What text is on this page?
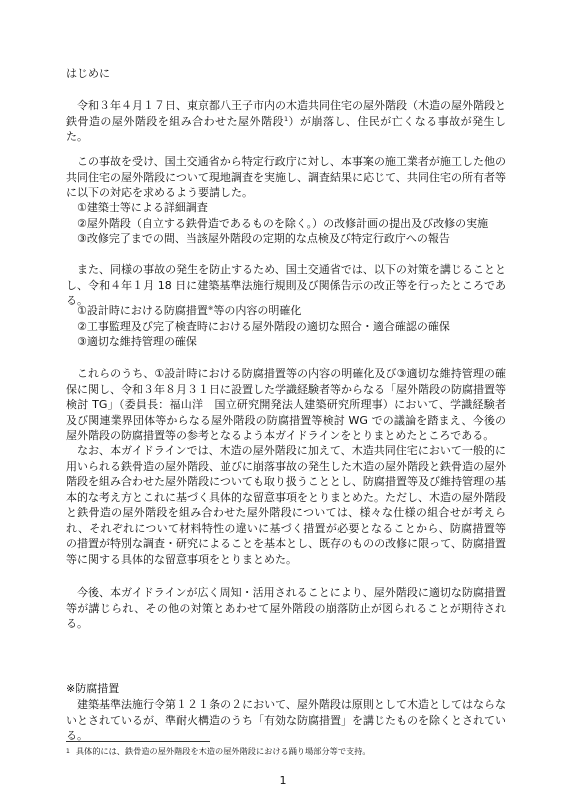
はじめに

令和３年４月１７日、東京都八王子市内の木造共同住宅の屋外階段（木造の屋外階段と鉄骨造の屋外階段を組み合わせた屋外階段$^1$）が崩落し、住民が亡くなる事故が発生した。

この事故を受け、国土交通省から特定行政庁に対し、本事案の施工業者が施工した他の共同住宅の屋外階段について現地調査を実施し、調査結果に応じて、共同住宅の所有者等に以下の対応を求めるよう要請した。

①建築士等による詳細調査
②屋外階段（自立する鉄骨造であるものを除く。）の改修計画の提出及び改修の実施
③改修完了までの間、当該屋外階段の定期的な点検及び特定行政庁への報告

また、同様の事故の発生を防止するため、国土交通省では、以下の対策を講じることとし、令和４年１月 18 日に建築基準法施行規則及び関係告示の改正等を行ったところである。

①設計時における防腐措置※等の内容の明確化
②工事監理及び完了検査時における屋外階段の適切な照合・適合確認の確保
③適切な維持管理の確保

これらのうち、①設計時における防腐措置等の内容の明確化及び③適切な維持管理の確保に関し、令和３年８月３１日に設置した学識経験者等からなる「屋外階段の防腐措置等検討 TG」（委員長：福山洋　国立研究開発法人建築研究所理事）において、学識経験者及び関連業界団体等からなる屋外階段の防腐措置等検討 WG での議論を踏まえ、今後の屋外階段の防腐措置等の参考となるよう本ガイドラインをとりまとめたところである。

なお、本ガイドラインでは、木造の屋外階段に加えて、木造共同住宅において一般的に用いられる鉄骨造の屋外階段、並びに崩落事故の発生した木造の屋外階段と鉄骨造の屋外階段を組み合わせた屋外階段についても取り扱うこととし、防腐措置等及び維持管理の基本的な考え方とこれに基づく具体的な留意事項をとりまとめた。ただし、木造の屋外階段と鉄骨造の屋外階段を組み合わせた屋外階段については、様々な仕様の組合せが考えられ、それぞれについて材料特性の違いに基づく措置が必要となることから、防腐措置等の措置が特別な調査・研究によることを基本とし、既存のものの改修に限って、防腐措置等に関する具体的な留意事項をとりまとめた。

今後、本ガイドラインが広く周知・活用されることにより、屋外階段に適切な防腐措置等が講じられ、その他の対策とあわせて屋外階段の崩落防止が図られることが期待される。

※防腐措置

建築基準法施行令第１２１条の２において、屋外階段は原則として木造としてはならないとされているが、準耐火構造のうち「有効な防腐措置」を講じたものを除くとされている。

$^1$ 具体的には、鉄骨造の屋外階段を木造の屋外階段における踊り場部分等で支持。
1
